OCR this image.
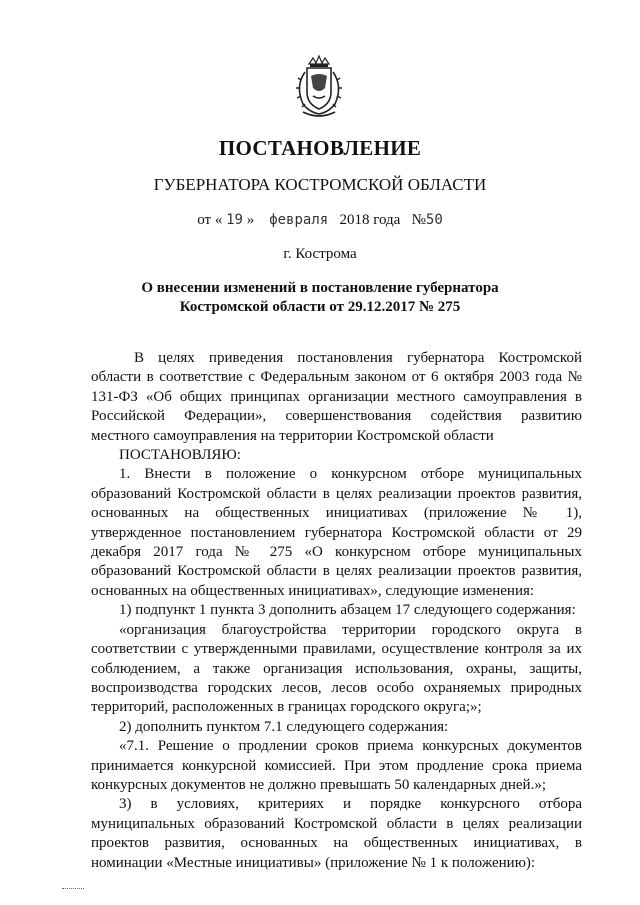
ПОСТАНОВЛЕНИЕ
ГУБЕРНАТОРА КОСТРОМСКОЙ ОБЛАСТИ
от « 19 » февраля 2018 года №50
г. Кострома
О внесении изменений в постановление губернатора
Костромской области от 29.12.2017 № 275

В целях приведения постановления губернатора Костромской области в соответствие с Федеральным законом от 6 октября 2003 года № 131-ФЗ «Об общих принципах организации местного самоуправления в Российской Федерации», совершенствования содействия развитию местного самоуправления на территории Костромской области

ПОСТАНОВЛЯЮ:

1. Внести в положение о конкурсном отборе муниципальных образований Костромской области в целях реализации проектов развития, основанных на общественных инициативах (приложение № 1), утвержденное постановлением губернатора Костромской области от 29 декабря 2017 года № 275 «О конкурсном отборе муниципальных образований Костромской области в целях реализации проектов развития, основанных на общественных инициативах», следующие изменения:

1) подпункт 1 пункта 3 дополнить абзацем 17 следующего содержания:

«организация благоустройства территории городского округа в соответствии с утвержденными правилами, осуществление контроля за их соблюдением, а также организация использования, охраны, защиты, воспроизводства городских лесов, лесов особо охраняемых природных территорий, расположенных в границах городского округа;»;

2) дополнить пунктом 7.1 следующего содержания:

«7.1. Решение о продлении сроков приема конкурсных документов принимается конкурсной комиссией. При этом продление срока приема конкурсных документов не должно превышать 50 календарных дней.»;

3) в условиях, критериях и порядке конкурсного отбора муниципальных образований Костромской области в целях реализации проектов развития, основанных на общественных инициативах, в номинации «Местные инициативы» (приложение № 1 к положению):
